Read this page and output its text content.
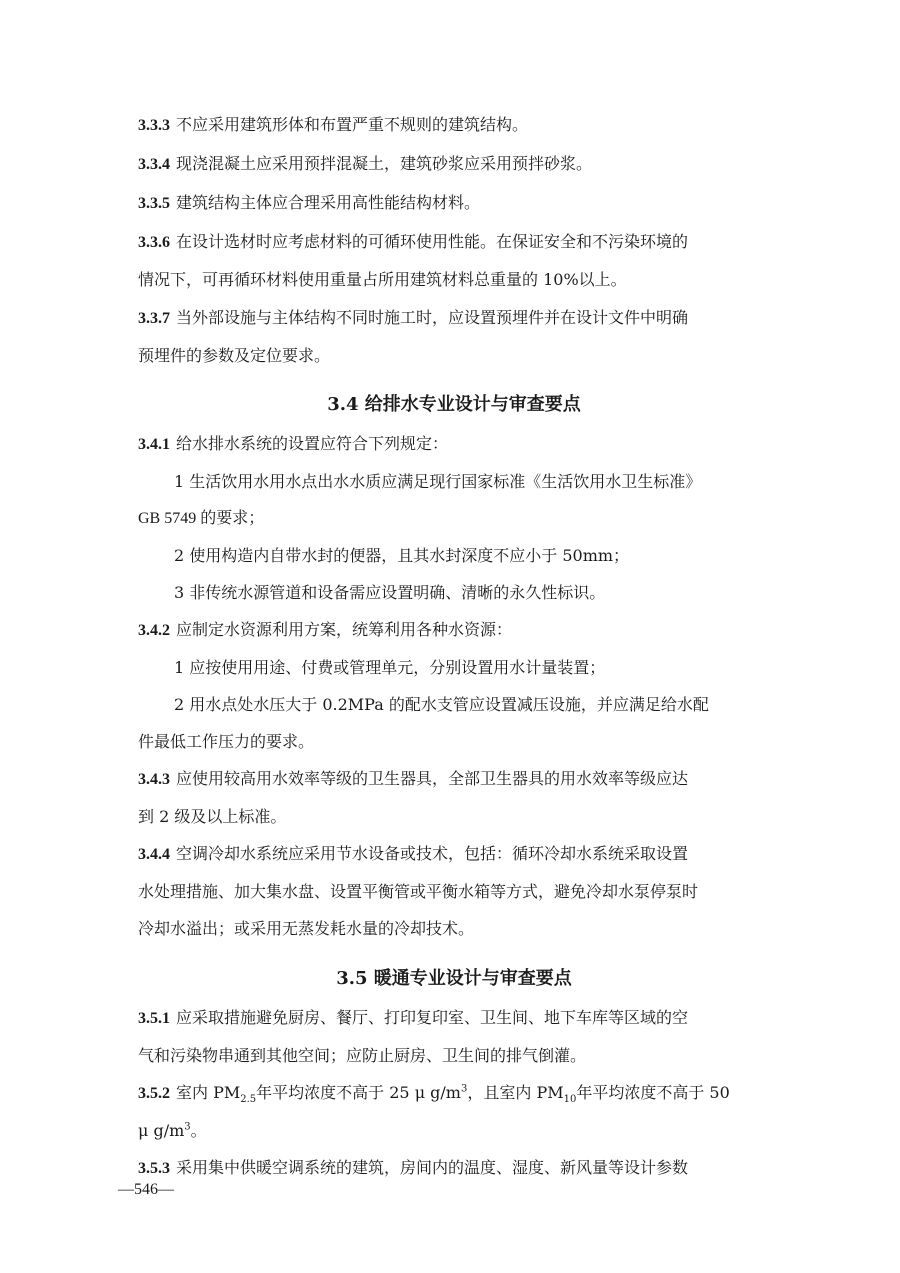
3.3.3 不应采用建筑形体和布置严重不规则的建筑结构。

3.3.4 现浇混凝土应采用预拌混凝土，建筑砂浆应采用预拌砂浆。

3.3.5 建筑结构主体应合理采用高性能结构材料。

3.3.6 在设计选材时应考虑材料的可循环使用性能。在保证安全和不污染环境的

情况下，可再循环材料使用重量占所用建筑材料总重量的 10%以上。

3.3.7 当外部设施与主体结构不同时施工时，应设置预埋件并在设计文件中明确

预埋件的参数及定位要求。

3.4 给排水专业设计与审查要点

3.4.1 给水排水系统的设置应符合下列规定：

1 生活饮用水用水点出水水质应满足现行国家标准《生活饮用水卫生标准》

GB 5749 的要求；

2 使用构造内自带水封的便器，且其水封深度不应小于 50mm；

3 非传统水源管道和设备需应设置明确、清晰的永久性标识。

3.4.2 应制定水资源利用方案，统筹利用各种水资源：

1 应按使用用途、付费或管理单元，分别设置用水计量装置；

2 用水点处水压大于 0.2MPa 的配水支管应设置减压设施，并应满足给水配

件最低工作压力的要求。

3.4.3 应使用较高用水效率等级的卫生器具，全部卫生器具的用水效率等级应达

到 2 级及以上标准。

3.4.4 空调冷却水系统应采用节水设备或技术，包括：循环冷却水系统采取设置

水处理措施、加大集水盘、设置平衡管或平衡水箱等方式，避免冷却水泵停泵时

冷却水溢出；或采用无蒸发耗水量的冷却技术。

3.5 暖通专业设计与审查要点

3.5.1 应采取措施避免厨房、餐厅、打印复印室、卫生间、地下车库等区域的空

气和污染物串通到其他空间；应防止厨房、卫生间的排气倒灌。

3.5.2 室内 $PM_{2.5}$年平均浓度不高于 25 μ $g/m^3$，且室内 $PM_{10}$年平均浓度不高于 50

μ $g/m^3$。

3.5.3 采用集中供暖空调系统的建筑，房间内的温度、湿度、新风量等设计参数

—546—
